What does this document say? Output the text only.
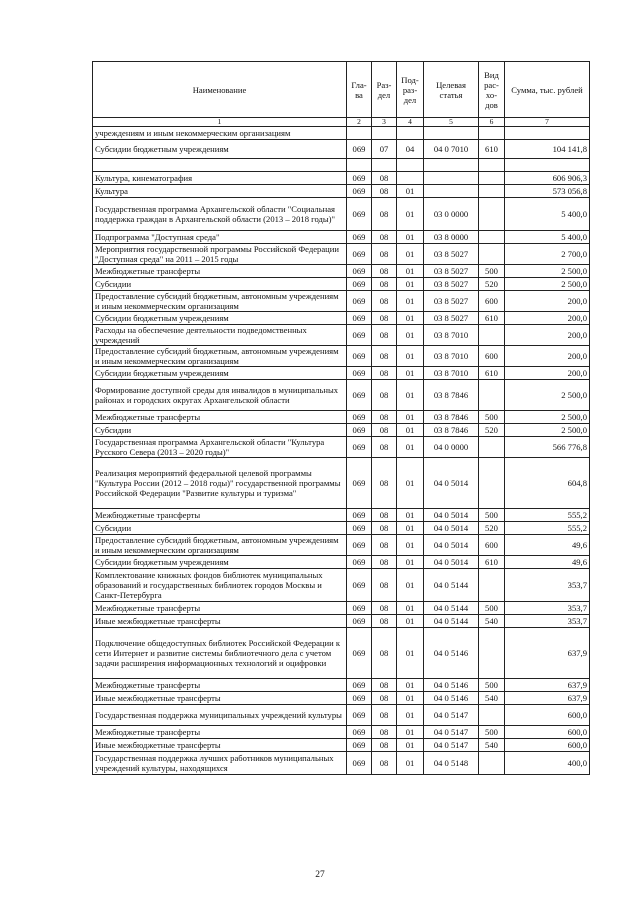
Наименование	Гла-ва	Раз-дел	Под-раз-дел	Целевая статья	Вид рас-хо-дов	Сумма, тыс. рублей
1	2	3	4	5	6	7
учреждениям и иным некоммерческим организациям						
Субсидии бюджетным учреждениям	069	07	04	04 0 7010	610	104 141,8

Культура, кинематография	069	08				606 906,3
Культура	069	08	01			573 056,8
Государственная программа Архангельской области "Социальная поддержка граждан в Архангельской области (2013 – 2018 годы)"	069	08	01	03 0 0000		5 400,0
Подпрограмма "Доступная среда"	069	08	01	03 8 0000		5 400,0
Мероприятия государственной программы Российской Федерации "Доступная среда" на 2011 – 2015 годы	069	08	01	03 8 5027		2 700,0
Межбюджетные трансферты	069	08	01	03 8 5027	500	2 500,0
Субсидии	069	08	01	03 8 5027	520	2 500,0
Предоставление субсидий бюджетным, автономным учреждениям и иным некоммерческим организациям	069	08	01	03 8 5027	600	200,0
Субсидии бюджетным учреждениям	069	08	01	03 8 5027	610	200,0
Расходы на обеспечение деятельности подведомственных учреждений	069	08	01	03 8 7010		200,0
Предоставление субсидий бюджетным, автономным учреждениям и иным некоммерческим организациям	069	08	01	03 8 7010	600	200,0
Субсидии бюджетным учреждениям	069	08	01	03 8 7010	610	200,0
Формирование доступной среды для инвалидов в муниципальных районах и городских округах Архангельской области	069	08	01	03 8 7846		2 500,0
Межбюджетные трансферты	069	08	01	03 8 7846	500	2 500,0
Субсидии	069	08	01	03 8 7846	520	2 500,0
Государственная программа Архангельской области "Культура Русского Севера (2013 – 2020 годы)"	069	08	01	04 0 0000		566 776,8
Реализация мероприятий федеральной целевой программы "Культура России (2012 – 2018 годы)" государственной программы Российской Федерации "Развитие культуры и туризма"	069	08	01	04 0 5014		604,8
Межбюджетные трансферты	069	08	01	04 0 5014	500	555,2
Субсидии	069	08	01	04 0 5014	520	555,2
Предоставление субсидий бюджетным, автономным учреждениям и иным некоммерческим организациям	069	08	01	04 0 5014	600	49,6
Субсидии бюджетным учреждениям	069	08	01	04 0 5014	610	49,6
Комплектование книжных фондов библиотек муниципальных образований и государственных библиотек городов Москвы и Санкт-Петербурга	069	08	01	04 0 5144		353,7
Межбюджетные трансферты	069	08	01	04 0 5144	500	353,7
Иные межбюджетные трансферты	069	08	01	04 0 5144	540	353,7
Подключение общедоступных библиотек Российской Федерации к сети Интернет и развитие системы библиотечного дела с учетом задачи расширения информационных технологий и оцифровки	069	08	01	04 0 5146		637,9
Межбюджетные трансферты	069	08	01	04 0 5146	500	637,9
Иные межбюджетные трансферты	069	08	01	04 0 5146	540	637,9
Государственная поддержка муниципальных учреждений культуры	069	08	01	04 0 5147		600,0
Межбюджетные трансферты	069	08	01	04 0 5147	500	600,0
Иные межбюджетные трансферты	069	08	01	04 0 5147	540	600,0
Государственная поддержка лучших работников муниципальных учреждений культуры, находящихся	069	08	01	04 0 5148		400,0
27
